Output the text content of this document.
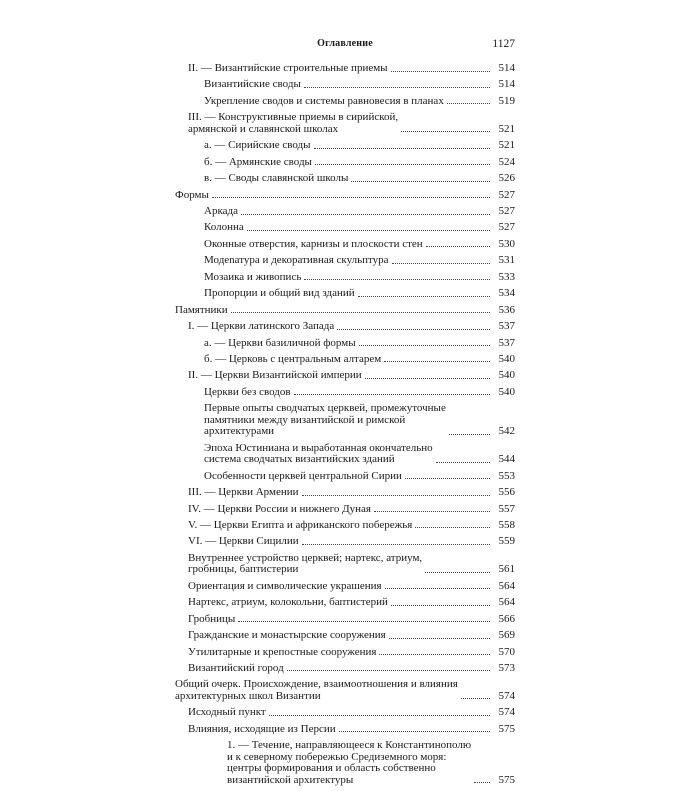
Оглавление	1127
II. — Византийские строительные приемы	514
Византийские своды	514
Укрепление сводов и системы равновесия в планах	519
III. — Конструктивные приемы в сирийской,
армянской и славянской школах	521
а. — Сирийские своды	521
б. — Армянские своды	524
в. — Своды славянской школы	526
Формы	527
Аркада	527
Колонна	527
Оконные отверстия, карнизы и плоскости стен	530
Модenатура и декоративная скульптура	531
Мозаика и живопись	533
Пропорции и общий вид зданий	534
Памятники	536
I. — Церкви латинского Запада	537
а. — Церкви базиличной формы	537
б. — Церковь с центральным алтарем	540
II. — Церкви Византийской империи	540
Церкви без сводов	540
Первые опыты сводчатых церквей, промежуточные
памятники между византийской и римской
архитектурами	542
Эпоха Юстиниана и выработанная окончательно
система сводчатых византийских зданий	544
Особенности церквей центральной Сирии	553
III. — Церкви Армении	556
IV. — Церкви России и нижнего Дуная	557
V. — Церкви Египта и африканского побережья	558
VI. — Церкви Сицилии	559
Внутреннее устройство церквей; нартекс, атриум,
гробницы, баптистерии	561
Ориентация и символические украшения	564
Нартекс, атриум, колокольни, баптистерий	564
Гробницы	566
Гражданские и монастырские сооружения	569
Утилитарные и крепостные сооружения	570
Византийский город	573
Общий очерк. Происхождение, взаимоотношения и влияния
архитектурных школ Византии	574
Исходный пункт	574
Влияния, исходящие из Персии	575
1. — Течение, направляющееся к Константинополю
и к северному побережью Средиземного моря:
центры формирования и область собственно
византийской архитектуры	575
